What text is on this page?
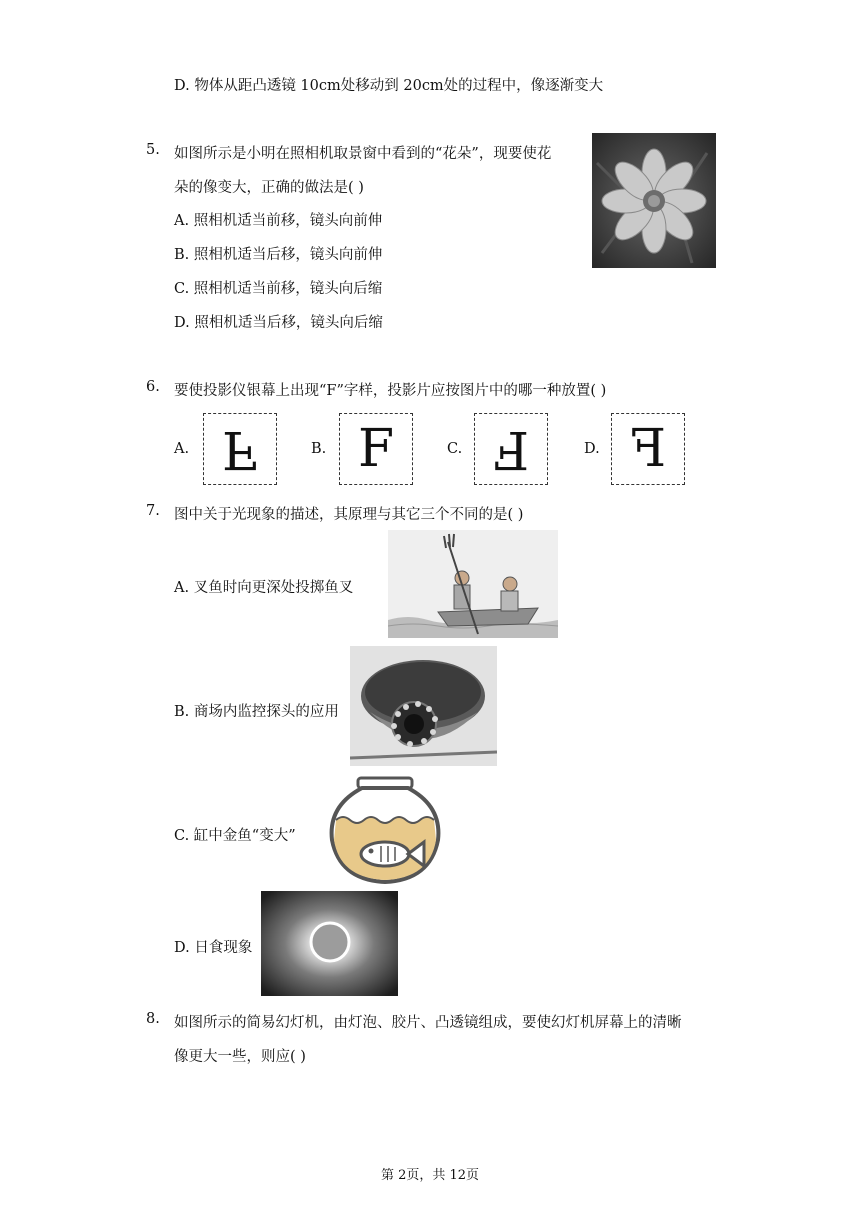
D. 物体从距凸透镜 10cm处移动到 20cm处的过程中，像逐渐变大
5. 如图所示是小明在照相机取景窗中看到的“花朵”，现要使花
朵的像变大，正确的做法是( )
A. 照相机适当前移，镜头向前伸
B. 照相机适当后移，镜头向前伸
C. 照相机适当前移，镜头向后缩
D. 照相机适当后移，镜头向后缩
6. 要使投影仪银幕上出现“F”字样，投影片应按图片中的哪一种放置( )
A. F	B. F	C. F	D. F
7. 图中关于光现象的描述，其原理与其它三个不同的是( )
A. 叉鱼时向更深处投掷鱼叉
B. 商场内监控探头的应用
C. 缸中金鱼“变大”
D. 日食现象
8. 如图所示的简易幻灯机，由灯泡、胶片、凸透镜组成，要使幻灯机屏幕上的清晰
像更大一些，则应( )
第 2页，共 12页
